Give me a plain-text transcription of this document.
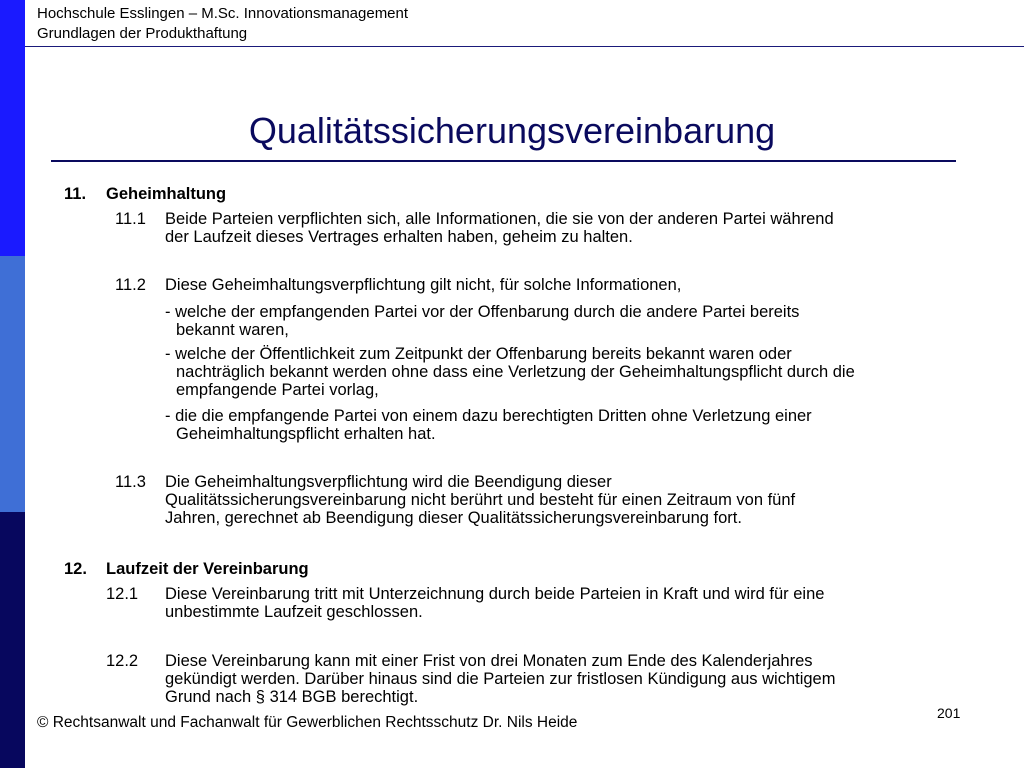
Hochschule Esslingen – M.Sc. Innovationsmanagement
Grundlagen der Produkthaftung
Qualitätssicherungsvereinbarung
11. Geheimhaltung
11.1 Beide Parteien verpflichten sich, alle Informationen, die sie von der anderen Partei während
der Laufzeit dieses Vertrages erhalten haben, geheim zu halten.
11.2 Diese Geheimhaltungsverpflichtung gilt nicht, für solche Informationen,
- welche der empfangenden Partei vor der Offenbarung durch die andere Partei bereits
bekannt waren,
- welche der Öffentlichkeit zum Zeitpunkt der Offenbarung bereits bekannt waren oder
nachträglich bekannt werden ohne dass eine Verletzung der Geheimhaltungspflicht durch die
empfangende Partei vorlag,
- die die empfangende Partei von einem dazu berechtigten Dritten ohne Verletzung einer
Geheimhaltungspflicht erhalten hat.
11.3 Die Geheimhaltungsverpflichtung wird die Beendigung dieser
Qualitätssicherungsvereinbarung nicht berührt und besteht für einen Zeitraum von fünf
Jahren, gerechnet ab Beendigung dieser Qualitätssicherungsvereinbarung fort.
12. Laufzeit der Vereinbarung
12.1 Diese Vereinbarung tritt mit Unterzeichnung durch beide Parteien in Kraft und wird für eine
unbestimmte Laufzeit geschlossen.
12.2 Diese Vereinbarung kann mit einer Frist von drei Monaten zum Ende des Kalenderjahres
gekündigt werden. Darüber hinaus sind die Parteien zur fristlosen Kündigung aus wichtigem
Grund nach § 314 BGB berechtigt.
© Rechtsanwalt und Fachanwalt für Gewerblichen Rechtsschutz Dr. Nils Heide
201
